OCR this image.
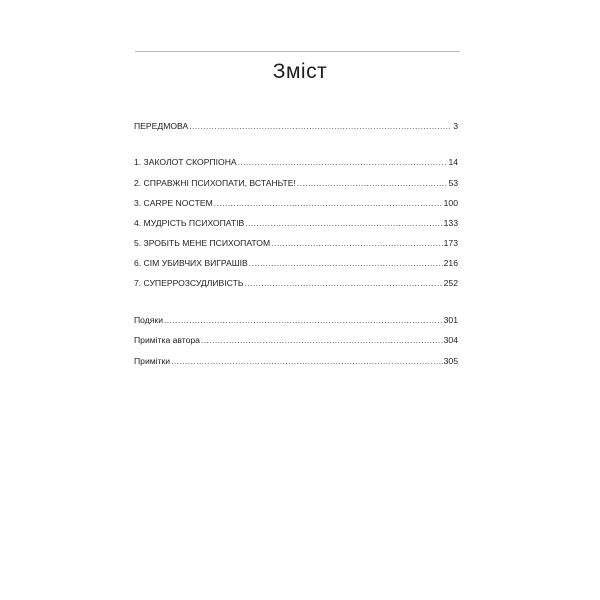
Зміст
ПЕРЕДМОВА .....	3
1. ЗАКОЛОТ СКОРПІОНА .....	14
2. СПРАВЖНІ ПСИХОПАТИ, ВСТАНЬТЕ! .....	53
3. CARPE NOCTEM .....	100
4. МУДРІСТЬ ПСИХОПАТІВ .....	133
5. ЗРОБІТЬ МЕНЕ ПСИХОПАТОМ .....	173
6. СІМ УБИВЧИХ ВИГРАШІВ .....	216
7. СУПЕРРОЗСУДЛИВІСТЬ .....	252
Подяки .....	301
Примітка автора .....	304
Примітки .....	305
